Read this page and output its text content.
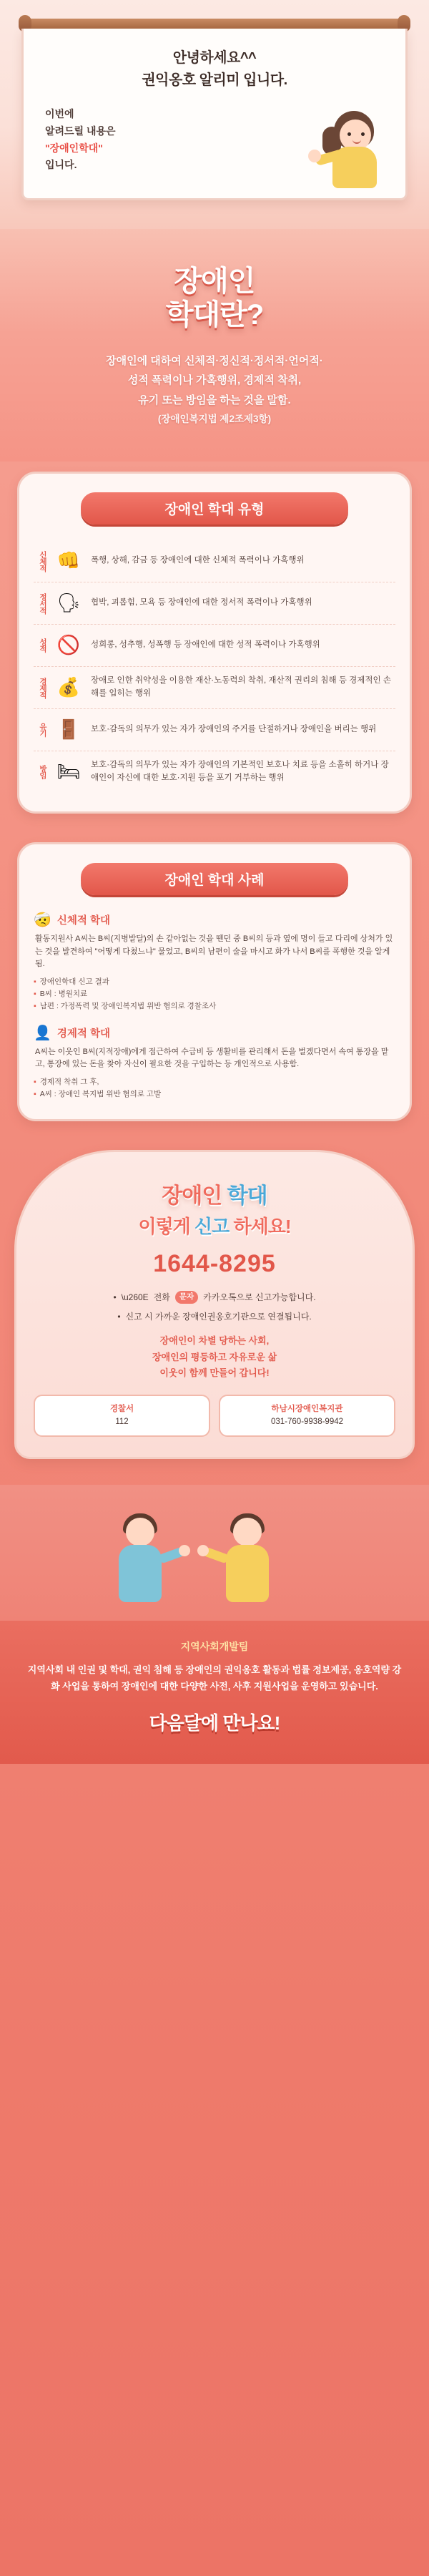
안녕하세요^^
권익옹호 알리미 입니다.
이번에
알려드릴 내용은
"장애인학대"
입니다.
장애인
학대란?
장애인에 대하여 신체적·정신적·정서적·언어적·
성적 폭력이나 가혹행위, 경제적 착취,
유기 또는 방임을 하는 것을 말함.
(장애인복지법 제2조제3항)
장애인 학대 유형
신체적 👊	폭행, 상해, 감금 등 장애인에 대한 신체적 폭력이나 가혹행위
정서적 🗣	협박, 괴롭힘, 모욕 등 장애인에 대한 정서적 폭력이나 가혹행위
성적 🚫	성희롱, 성추행, 성폭행 등 장애인에 대한 성적 폭력이나 가혹행위
경제적 💰	장애로 인한 취약성을 이용한 재산·노동력의 착취, 재산적 권리의 침해 등 경제적인 손해를 입히는 행위
유기 🚪	보호·감독의 의무가 있는 자가 장애인의 주거를 단절하거나 장애인을 버리는 행위
방임 🛏	보호·감독의 의무가 있는 자가 장애인의 기본적인 보호나 치료 등을 소홀히 하거나 장애인이 자신에 대한 보호·지원 등을 포기 거부하는 행위
장애인 학대 사례
🤕 신체적 학대
활동지원사 A씨는 B씨(지병발달)의 손 같아없는 것을 뗀던 중 B씨의 등과 옆에 명이 들고 다리에 상처가 있는 것을 발견하여 "어떻게 다쳤느냐" 물었고, B씨의 남편이 술을 마시고 화가 나서 B씨를 폭행한 것을 알게 됨.
▪ 장애인학대 신고 결과
▪ B씨 : 병원치료
▪ 남편 : 가정폭력 및 장애인복지법 위반 혐의로 경찰조사
👤 경제적 학대
A씨는 이웃인 B씨(지적장애)에게 접근하여 수급비 등 생활비를 관리해서 돈을 벌겠다면서 속여 통장을 맡고, 통장에 있는 돈을 찾아 자신이 필요한 것을 구입하는 등 개인적으로 사용함.
▪ 경제적 착취 그 후,
▪ A씨 : 장애인 복지법 위반 혐의로 고발
장애인 학대
이렇게 신고 하세요!
1644-8295
• \u260E 전화	문자	카카오톡으로 신고가능합니다.
• 신고 시 가까운 장애인권옹호기관으로 연결됩니다.
장애인이 차별 당하는 사회,
장애인의 평등하고 자유로운 삶
이웃이 함께 만들어 갑니다!
경찰서
112
하남시장애인복지관
031-760-9938-9942
지역사회개발팀
지역사회 내 인권 및 학대, 권익 침해 등 장애인의 권익옹호 활동과 법률 정보제공, 옹호역량 강화 사업을 통하여 장애인에 대한 다양한 사전, 사후 지원사업을 운영하고 있습니다.
다음달에 만나요!
